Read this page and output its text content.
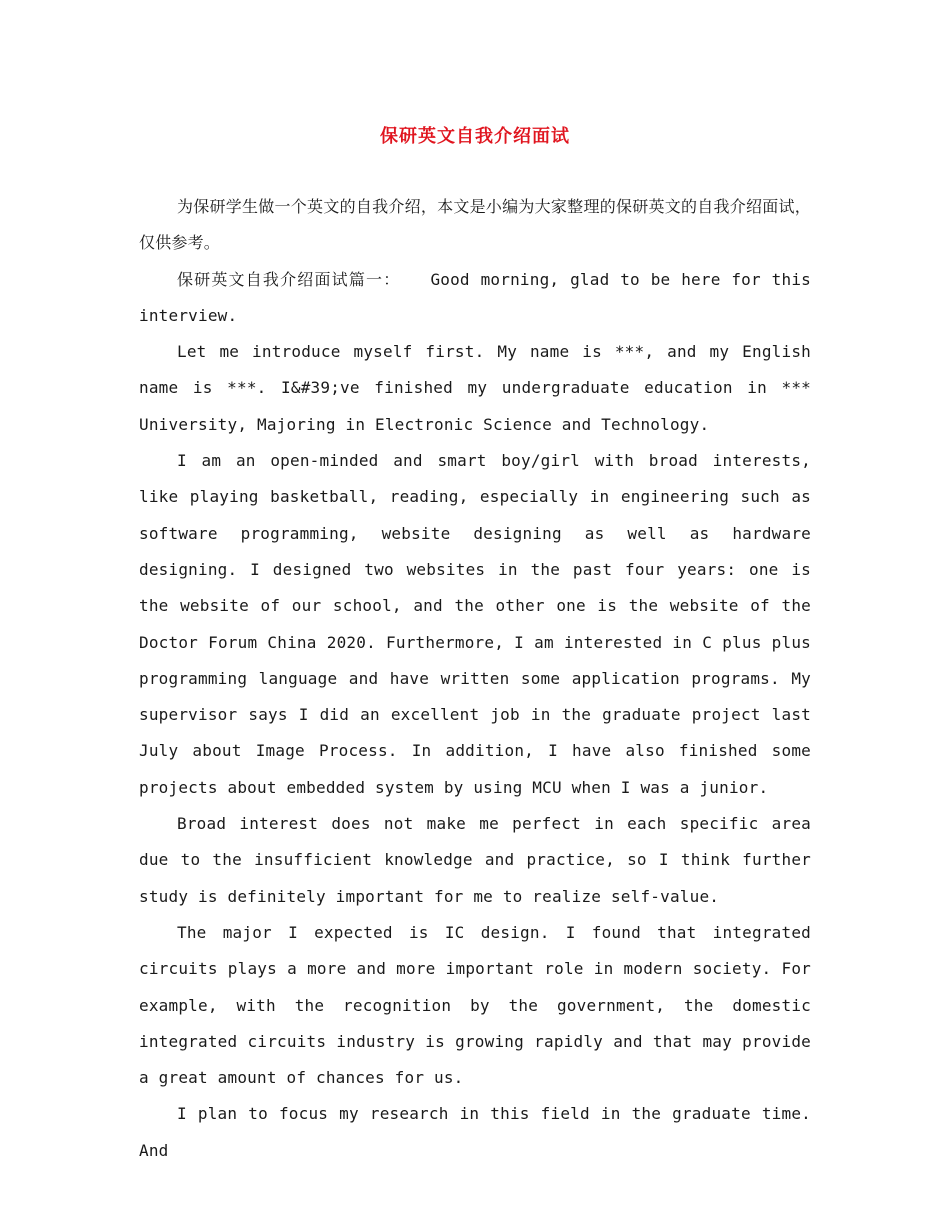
保研英文自我介绍面试

为保研学生做一个英文的自我介绍，本文是小编为大家整理的保研英文的自我介绍面试，仅供参考。

保研英文自我介绍面试篇一： Good morning, glad to be here for this interview.

Let me introduce myself first. My name is ***, and my English name is ***. I&#39;ve finished my undergraduate education in *** University, Majoring in Electronic Science and Technology.

I am an open-minded and smart boy/girl with broad interests, like playing basketball, reading, especially in engineering such as software programming, website designing as well as hardware designing. I designed two websites in the past four years: one is the website of our school, and the other one is the website of the Doctor Forum China 2020. Furthermore, I am interested in C plus plus programming language and have written some application programs. My supervisor says I did an excellent job in the graduate project last July about Image Process. In addition, I have also finished some projects about embedded system by using MCU when I was a junior.

Broad interest does not make me perfect in each specific area due to the insufficient knowledge and practice, so I think further study is definitely important for me to realize self-value.

The major I expected is IC design. I found that integrated circuits plays a more and more important role in modern society. For example, with the recognition by the government, the domestic integrated circuits industry is growing rapidly and that may provide a great amount of chances for us.

I plan to focus my research in this field in the graduate time. And
